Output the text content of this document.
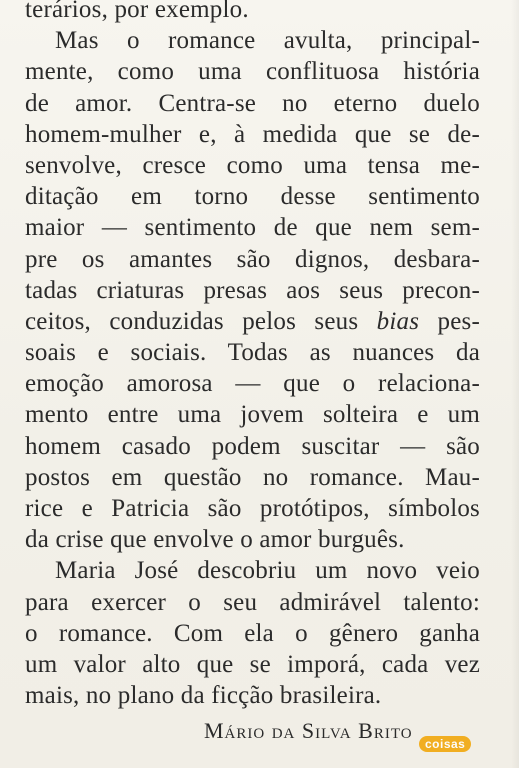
terários, por exemplo.
Mas o romance avulta, principal-
mente, como uma conflituosa história
de amor. Centra-se no eterno duelo
homem-mulher e, à medida que se de-
senvolve, cresce como uma tensa me-
ditação em torno desse sentimento
maior — sentimento de que nem sem-
pre os amantes são dignos, desbara-
tadas criaturas presas aos seus precon-
ceitos, conduzidas pelos seus bias pes-
soais e sociais. Todas as nuances da
emoção amorosa — que o relaciona-
mento entre uma jovem solteira e um
homem casado podem suscitar — são
postos em questão no romance. Mau-
rice e Patricia são protótipos, símbolos
da crise que envolve o amor burguês.
Maria José descobriu um novo veio
para exercer o seu admirável talento:
o romance. Com ela o gênero ganha
um valor alto que se imporá, cada vez
mais, no plano da ficção brasileira.
Mário da Silva Brito
coisas
